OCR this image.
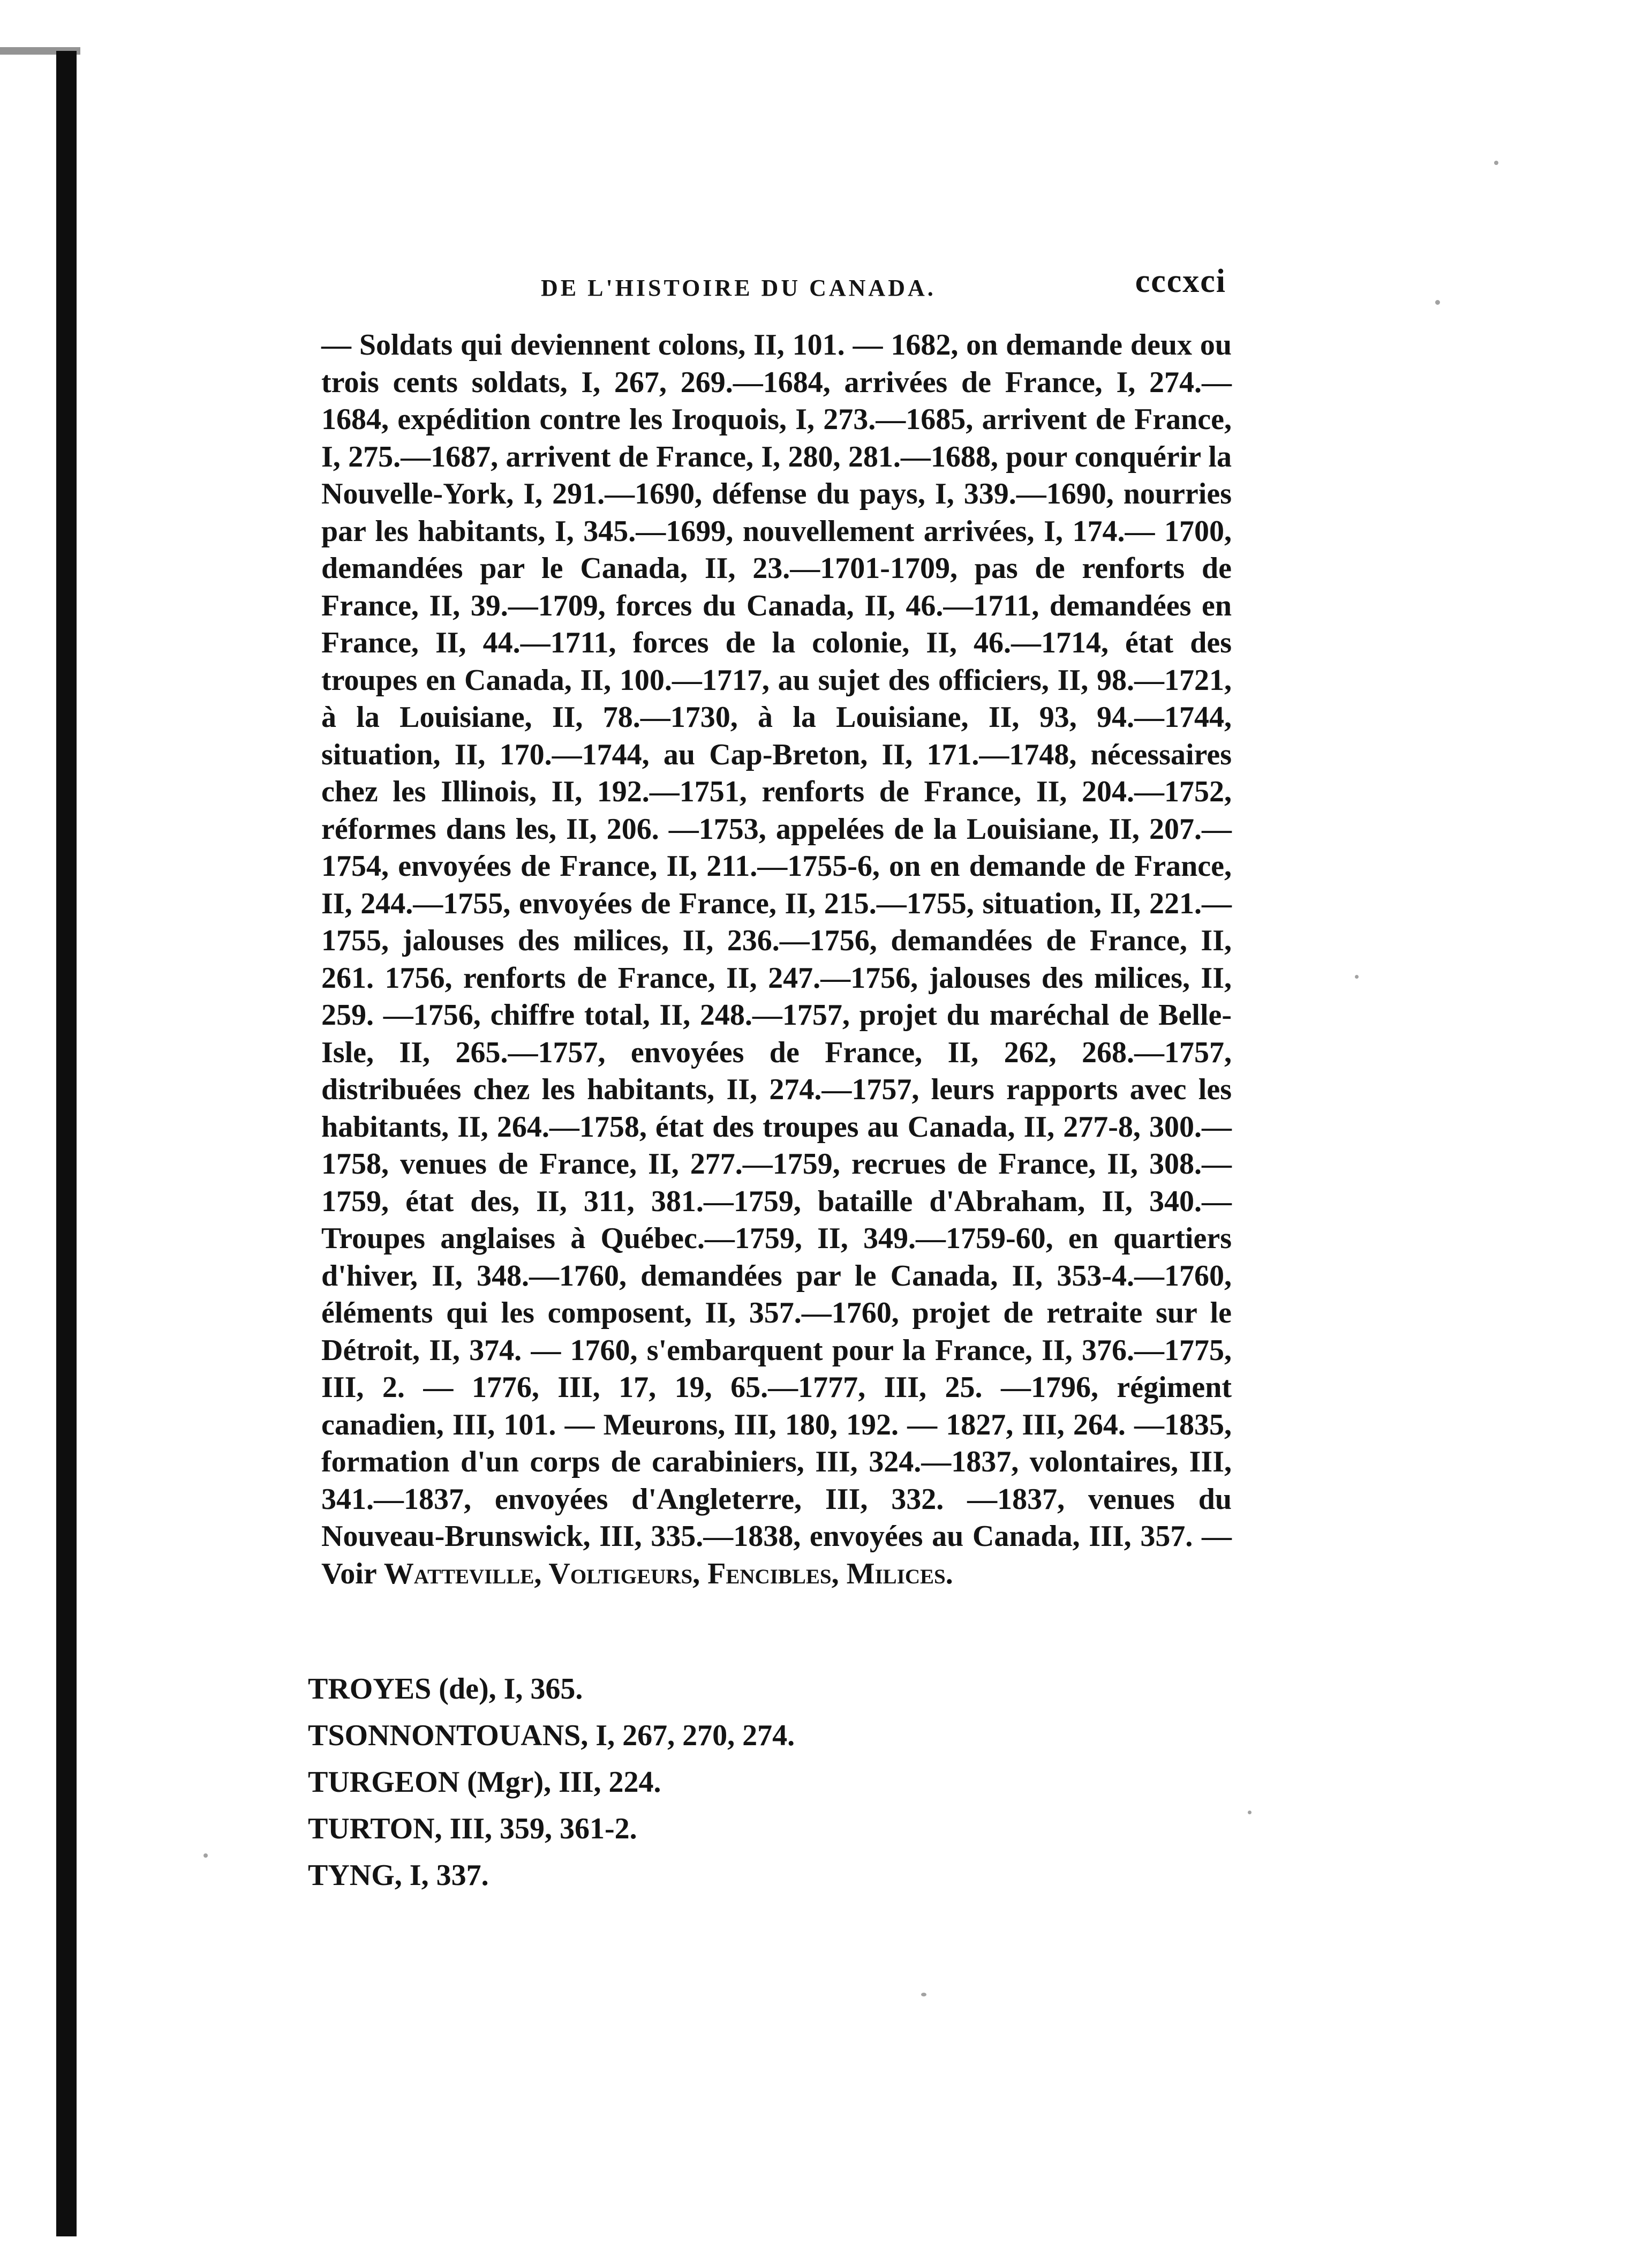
DE L'HISTOIRE DU CANADA.	cccxci
— Soldats qui deviennent colons, II, 101. — 1682, on demande deux ou trois cents soldats, I, 267, 269.—1684, arrivées de France, I, 274.—1684, expédition contre les Iroquois, I, 273.—1685, arrivent de France, I, 275.—1687, arrivent de France, I, 280, 281.—1688, pour conquérir la Nouvelle-York, I, 291.—1690, défense du pays, I, 339.—1690, nourries par les habitants, I, 345.—1699, nouvellement arrivées, I, 174.— 1700, demandées par le Canada, II, 23.—1701-1709, pas de renforts de France, II, 39.—1709, forces du Canada, II, 46.—1711, demandées en France, II, 44.—1711, forces de la colonie, II, 46.—1714, état des troupes en Canada, II, 100.—1717, au sujet des officiers, II, 98.—1721, à la Louisiane, II, 78.—1730, à la Louisiane, II, 93, 94.—1744, situation, II, 170.—1744, au Cap-Breton, II, 171.—1748, nécessaires chez les Illinois, II, 192.—1751, renforts de France, II, 204.—1752, réformes dans les, II, 206. —1753, appelées de la Louisiane, II, 207.—1754, envoyées de France, II, 211.—1755-6, on en demande de France, II, 244.—1755, envoyées de France, II, 215.—1755, situation, II, 221.—1755, jalouses des milices, II, 236.—1756, demandées de France, II, 261. 1756, renforts de France, II, 247.—1756, jalouses des milices, II, 259. —1756, chiffre total, II, 248.—1757, projet du maréchal de Belle-Isle, II, 265.—1757, envoyées de France, II, 262, 268.—1757, distribuées chez les habitants, II, 274.—1757, leurs rapports avec les habitants, II, 264.—1758, état des troupes au Canada, II, 277-8, 300.—1758, venues de France, II, 277.—1759, recrues de France, II, 308.—1759, état des, II, 311, 381.—1759, bataille d'Abraham, II, 340.—Troupes anglaises à Québec.—1759, II, 349.—1759-60, en quartiers d'hiver, II, 348.—1760, demandées par le Canada, II, 353-4.—1760, éléments qui les composent, II, 357.—1760, projet de retraite sur le Détroit, II, 374. — 1760, s'embarquent pour la France, II, 376.—1775, III, 2. — 1776, III, 17, 19, 65.—1777, III, 25. —1796, régiment canadien, III, 101. — Meurons, III, 180, 192. — 1827, III, 264. —1835, formation d'un corps de carabiniers, III, 324.—1837, volontaires, III, 341.—1837, envoyées d'Angleterre, III, 332. —1837, venues du Nouveau-Brunswick, III, 335.—1838, envoyées au Canada, III, 357. —Voir Watteville, Voltigeurs, Fencibles, Milices.
TROYES (de), I, 365.
TSONNONTOUANS, I, 267, 270, 274.
TURGEON (Mgr), III, 224.
TURTON, III, 359, 361-2.
TYNG, I, 337.
